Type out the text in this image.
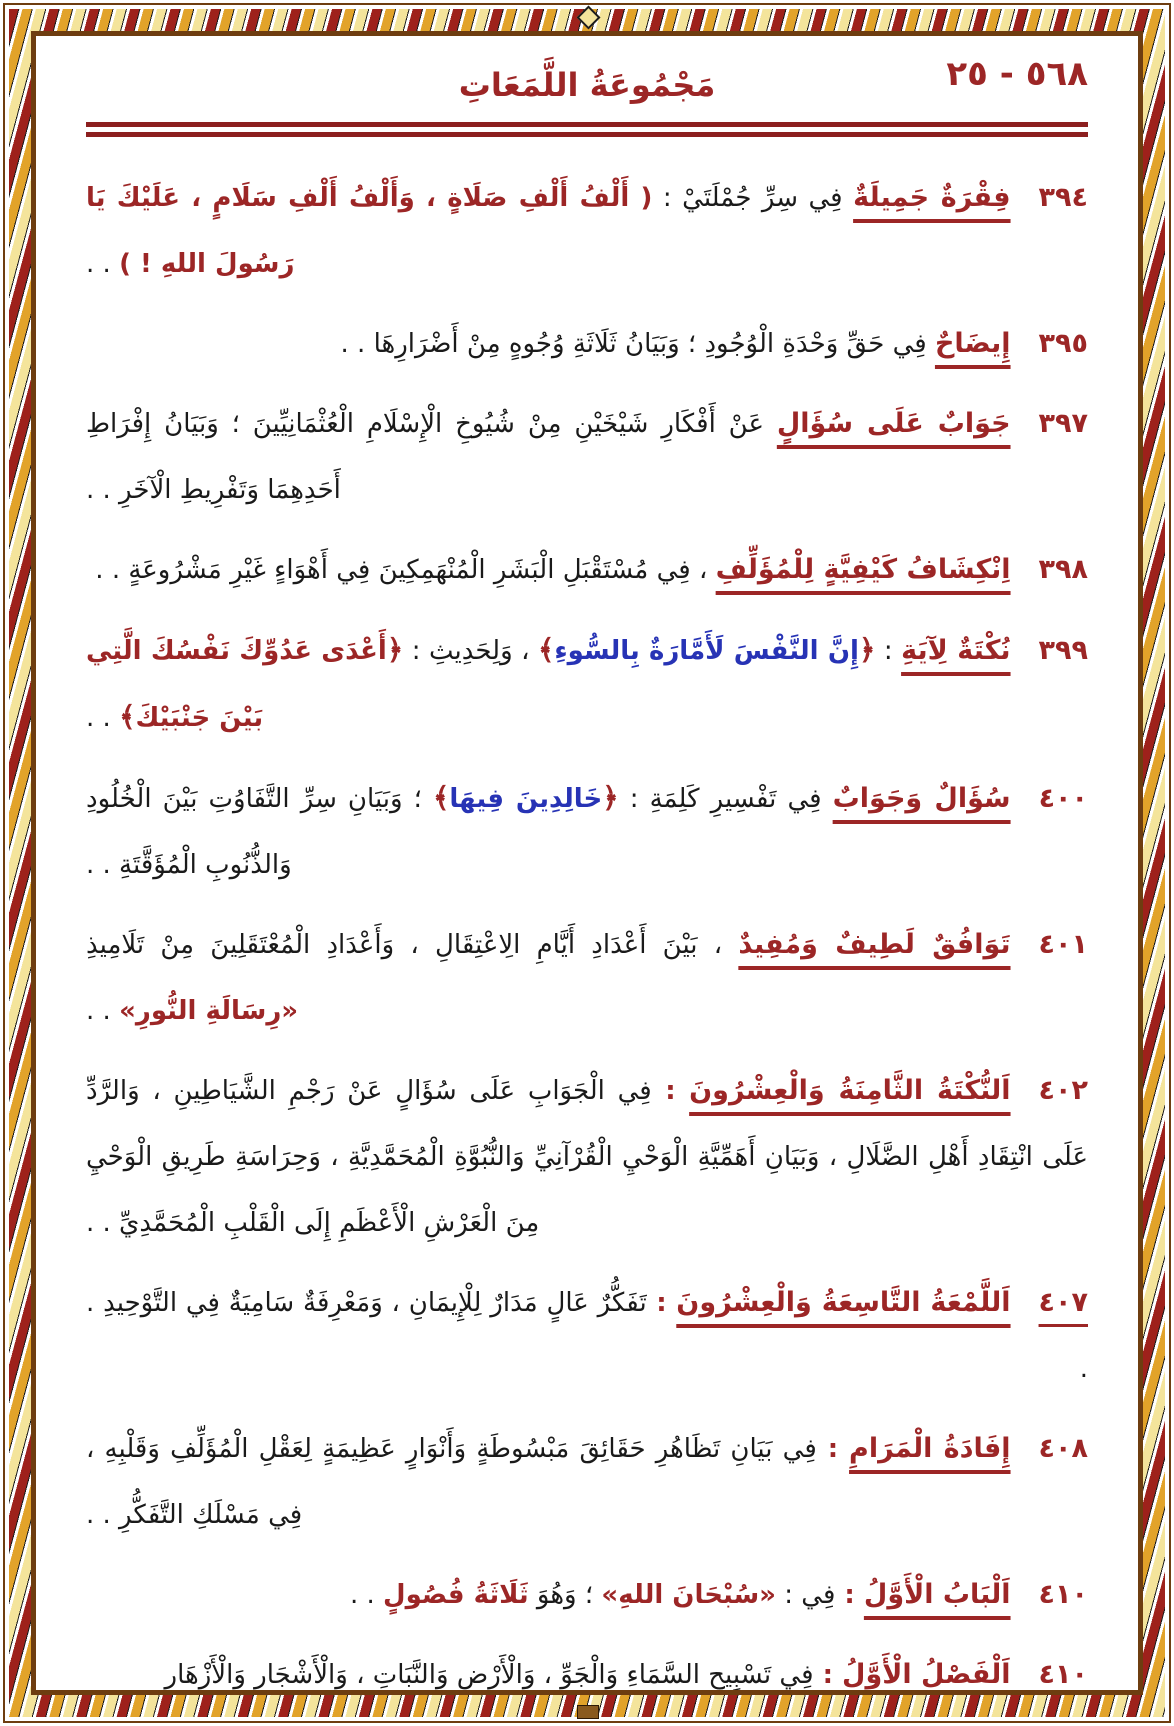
٥٦٨ - ٢٥
مَجْمُوعَةُ اللَّمَعَاتِ

٣٩٤فِقْرَةٌ جَمِيلَةٌ فِي سِرِّ جُمْلَتَيْ : ( أَلْفُ أَلْفِ صَلَاةٍ ، وَأَلْفُ أَلْفِ سَلَامٍ ، عَلَيْكَ يَا رَسُولَ اللهِ ! ) . .

٣٩٥إِيضَاحٌ فِي حَقِّ وَحْدَةِ الْوُجُودِ ؛ وَبَيَانُ ثَلَاثَةِ وُجُوهٍ مِنْ أَضْرَارِهَا . .

٣٩٧جَوَابٌ عَلَى سُؤَالٍ عَنْ أَفْكَارِ شَيْخَيْنِ مِنْ شُيُوخِ الْإِسْلَامِ الْعُثْمَانِيِّينَ ؛ وَبَيَانُ إِفْرَاطِ أَحَدِهِمَا وَتَفْرِيطِ الْآخَرِ . .

٣٩٨اِنْكِشَافُ كَيْفِيَّةٍ لِلْمُؤَلِّفِ ، فِي مُسْتَقْبَلِ الْبَشَرِ الْمُنْهَمِكِينَ فِي أَهْوَاءٍ غَيْرِ مَشْرُوعَةٍ . .

٣٩٩نُكْتَةٌ لِآيَةِ : ﴿إِنَّ النَّفْسَ لَأَمَّارَةٌ بِالسُّوءِ﴾ ، وَلِحَدِيثِ : ﴿أَعْدَى عَدُوِّكَ نَفْسُكَ الَّتِي بَيْنَ جَنْبَيْكَ﴾ . .

٤٠٠سُؤَالٌ وَجَوَابٌ فِي تَفْسِيرِ كَلِمَةِ : ﴿خَالِدِينَ فِيهَا﴾ ؛ وَبَيَانِ سِرِّ التَّفَاوُتِ بَيْنَ الْخُلُودِ وَالذُّنُوبِ الْمُؤَقَّتَةِ . .

٤٠١تَوَافُقٌ لَطِيفٌ وَمُفِيدٌ ، بَيْنَ أَعْدَادِ أَيَّامِ الِاعْتِقَالِ ، وَأَعْدَادِ الْمُعْتَقَلِينَ مِنْ تَلَامِيذِ «رِسَالَةِ النُّورِ» . .

٤٠٢اَلنُّكْتَةُ الثَّامِنَةُ وَالْعِشْرُونَ : فِي الْجَوَابِ عَلَى سُؤَالٍ عَنْ رَجْمِ الشَّيَاطِينِ ، وَالرَّدِّ عَلَى انْتِقَادِ أَهْلِ الضَّلَالِ ، وَبَيَانِ أَهَمِّيَّةِ الْوَحْيِ الْقُرْآنِيِّ وَالنُّبُوَّةِ الْمُحَمَّدِيَّةِ ، وَحِرَاسَةِ طَرِيقِ الْوَحْيِ مِنَ الْعَرْشِ الْأَعْظَمِ إِلَى الْقَلْبِ الْمُحَمَّدِيِّ . .

٤٠٧اَللَّمْعَةُ التَّاسِعَةُ وَالْعِشْرُونَ : تَفَكُّرٌ عَالٍ مَدَارٌ لِلْإِيمَانِ ، وَمَعْرِفَةٌ سَامِيَةٌ فِي التَّوْحِيدِ . .

٤٠٨إِفَادَةُ الْمَرَامِ : فِي بَيَانِ تَظَاهُرِ حَقَائِقَ مَبْسُوطَةٍ وَأَنْوَارٍ عَظِيمَةٍ لِعَقْلِ الْمُؤَلِّفِ وَقَلْبِهِ ، فِي مَسْلَكِ التَّفَكُّرِ . .

٤١٠اَلْبَابُ الْأَوَّلُ : فِي : «سُبْحَانَ اللهِ» ؛ وَهُوَ ثَلَاثَةُ فُصُولٍ . .

٤١٠اَلْفَصْلُ الْأَوَّلُ : فِي تَسْبِيحِ السَّمَاءِ وَالْجَوِّ ، وَالْأَرْضِ وَالنَّبَاتِ ، وَالْأَشْجَارِ وَالْأَزْهَارِ
